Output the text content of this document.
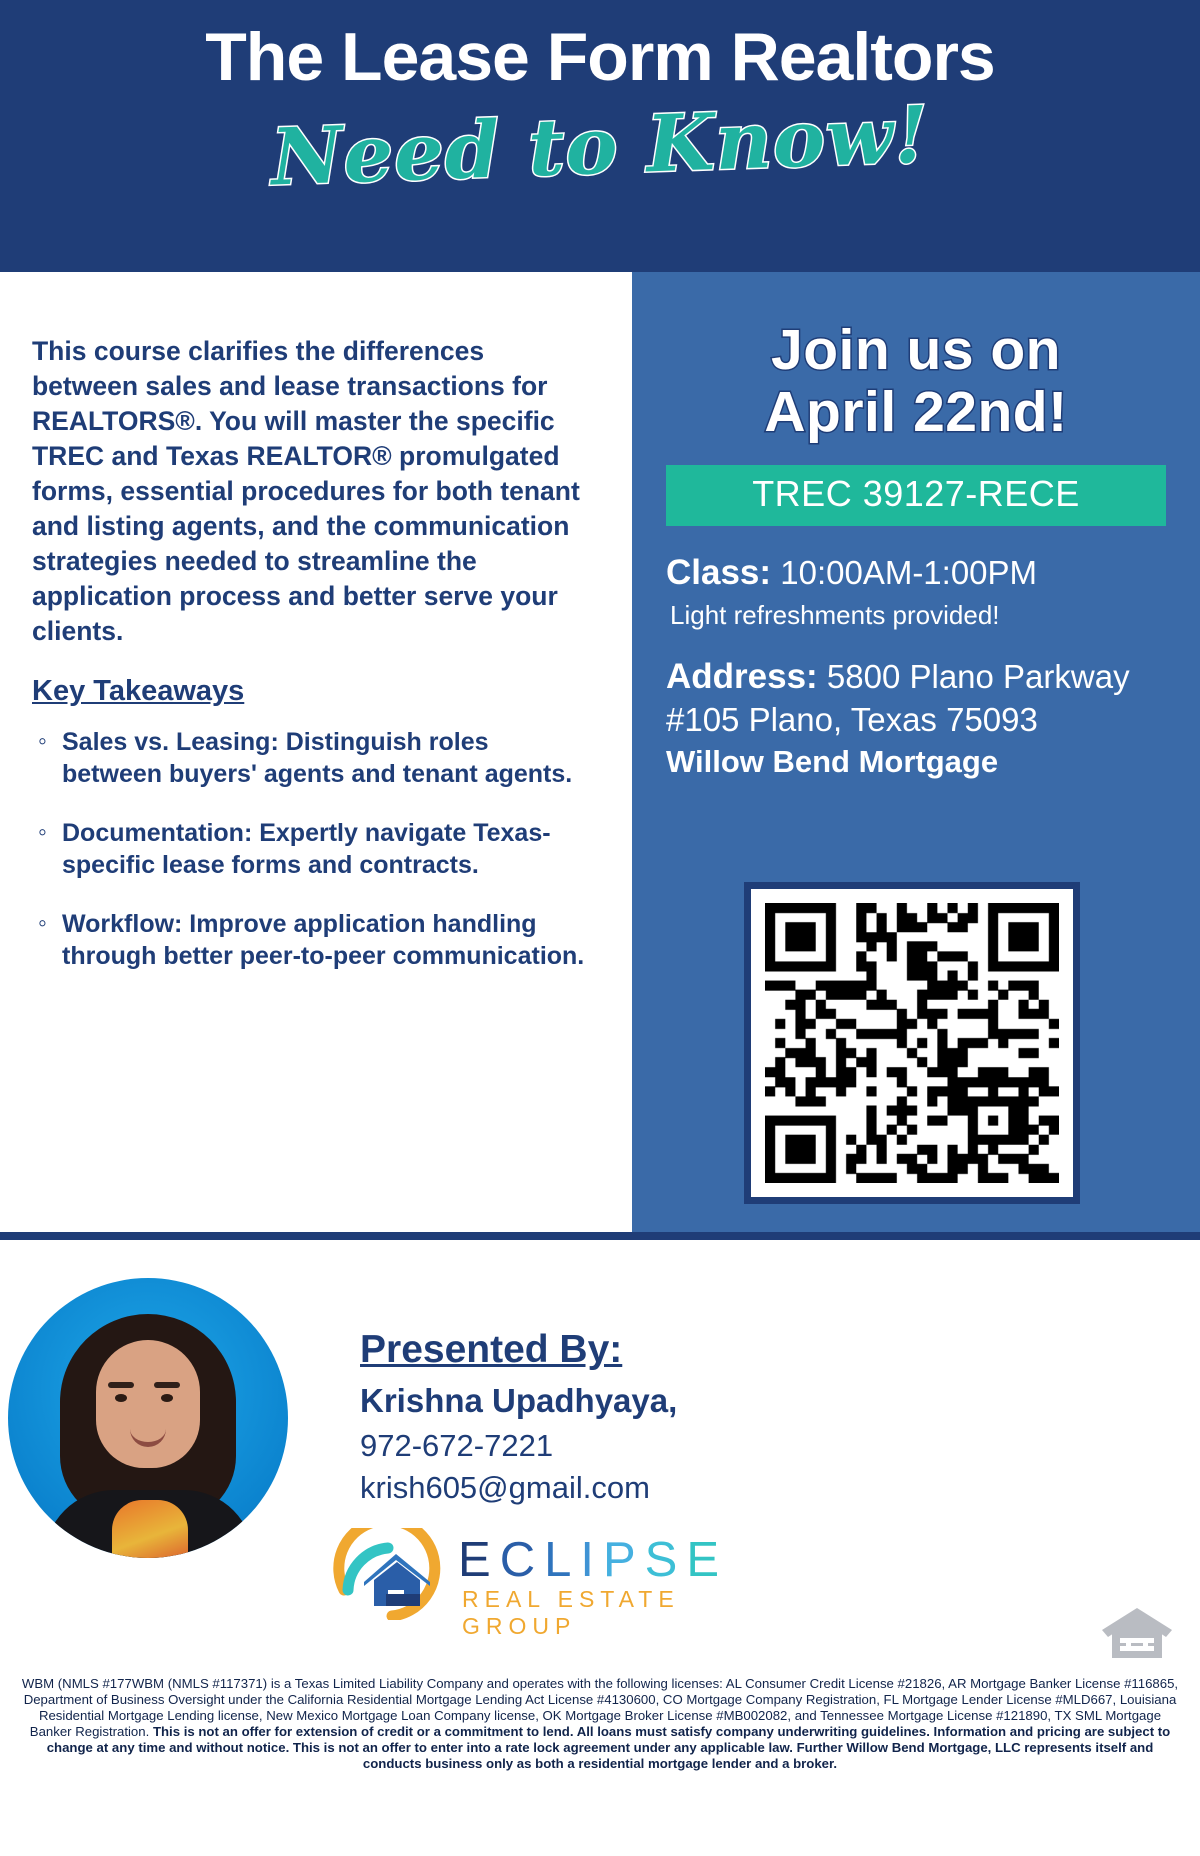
The Lease Form Realtors
Need to Know!

This course clarifies the differences between sales and lease transactions for REALTORS®. You will master the specific TREC and Texas REALTOR® promulgated forms, essential procedures for both tenant and listing agents, and the communication strategies needed to streamline the application process and better serve your clients.

Key Takeaways
◦ Sales vs. Leasing: Distinguish roles between buyers' agents and tenant agents.
◦ Documentation: Expertly navigate Texas-specific lease forms and contracts.
◦ Workflow: Improve application handling through better peer-to-peer communication.
Join us on
April 22nd!
TREC 39127-RECE
Class: 10:00AM-1:00PM
Light refreshments provided!
Address: 5800 Plano Parkway #105 Plano, Texas 75093
Willow Bend Mortgage
Presented By:
Krishna Upadhyaya,
972-672-7221
krish605@gmail.com
ECLIPSE
REAL ESTATE GROUP
WBM (NMLS #177WBM (NMLS #117371) is a Texas Limited Liability Company and operates with the following licenses: AL Consumer Credit License #21826, AR Mortgage Banker License #116865, Department of Business Oversight under the California Residential Mortgage Lending Act License #4130600, CO Mortgage Company Registration, FL Mortgage Lender License #MLD667, Louisiana Residential Mortgage Lending license, New Mexico Mortgage Loan Company license, OK Mortgage Broker License #MB002082, and Tennessee Mortgage License #121890, TX SML Mortgage Banker Registration. This is not an offer for extension of credit or a commitment to lend. All loans must satisfy company underwriting guidelines. Information and pricing are subject to change at any time and without notice. This is not an offer to enter into a rate lock agreement under any applicable law. Further Willow Bend Mortgage, LLC represents itself and conducts business only as both a residential mortgage lender and a broker.
